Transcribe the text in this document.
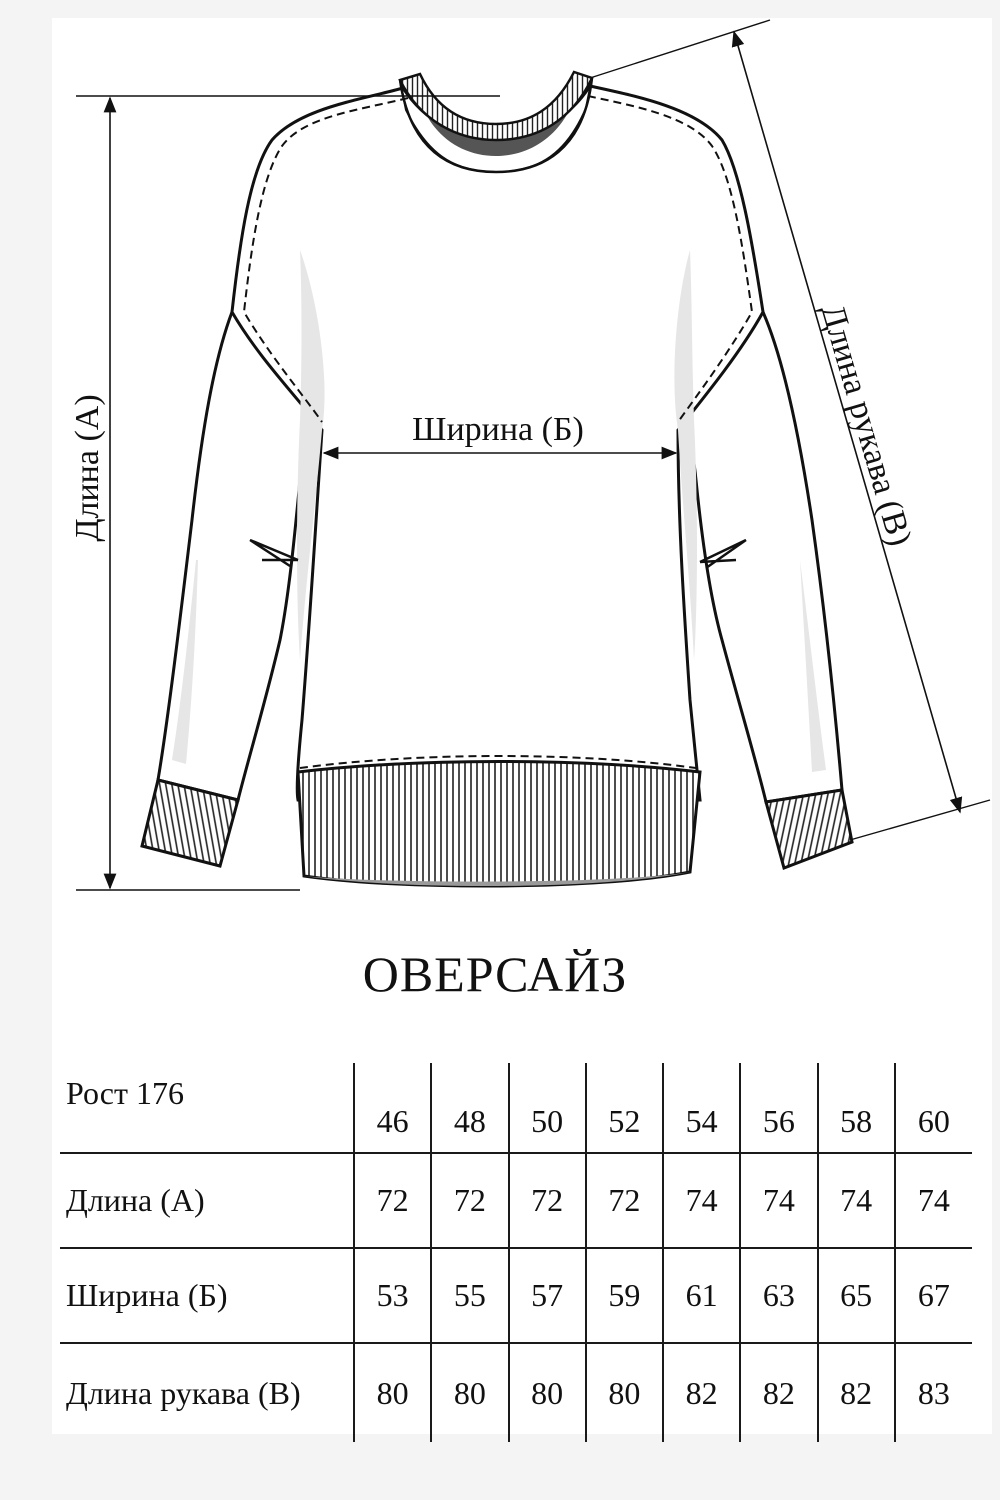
Длина (А)	Ширина (Б)	Длина рукава (В)
ОВЕРСАЙЗ
Рост 176	46	48	50	52	54	56	58	60
Длина (А)	72	72	72	72	74	74	74	74
Ширина (Б)	53	55	57	59	61	63	65	67
Длина рукава (В)	80	80	80	80	82	82	82	83
